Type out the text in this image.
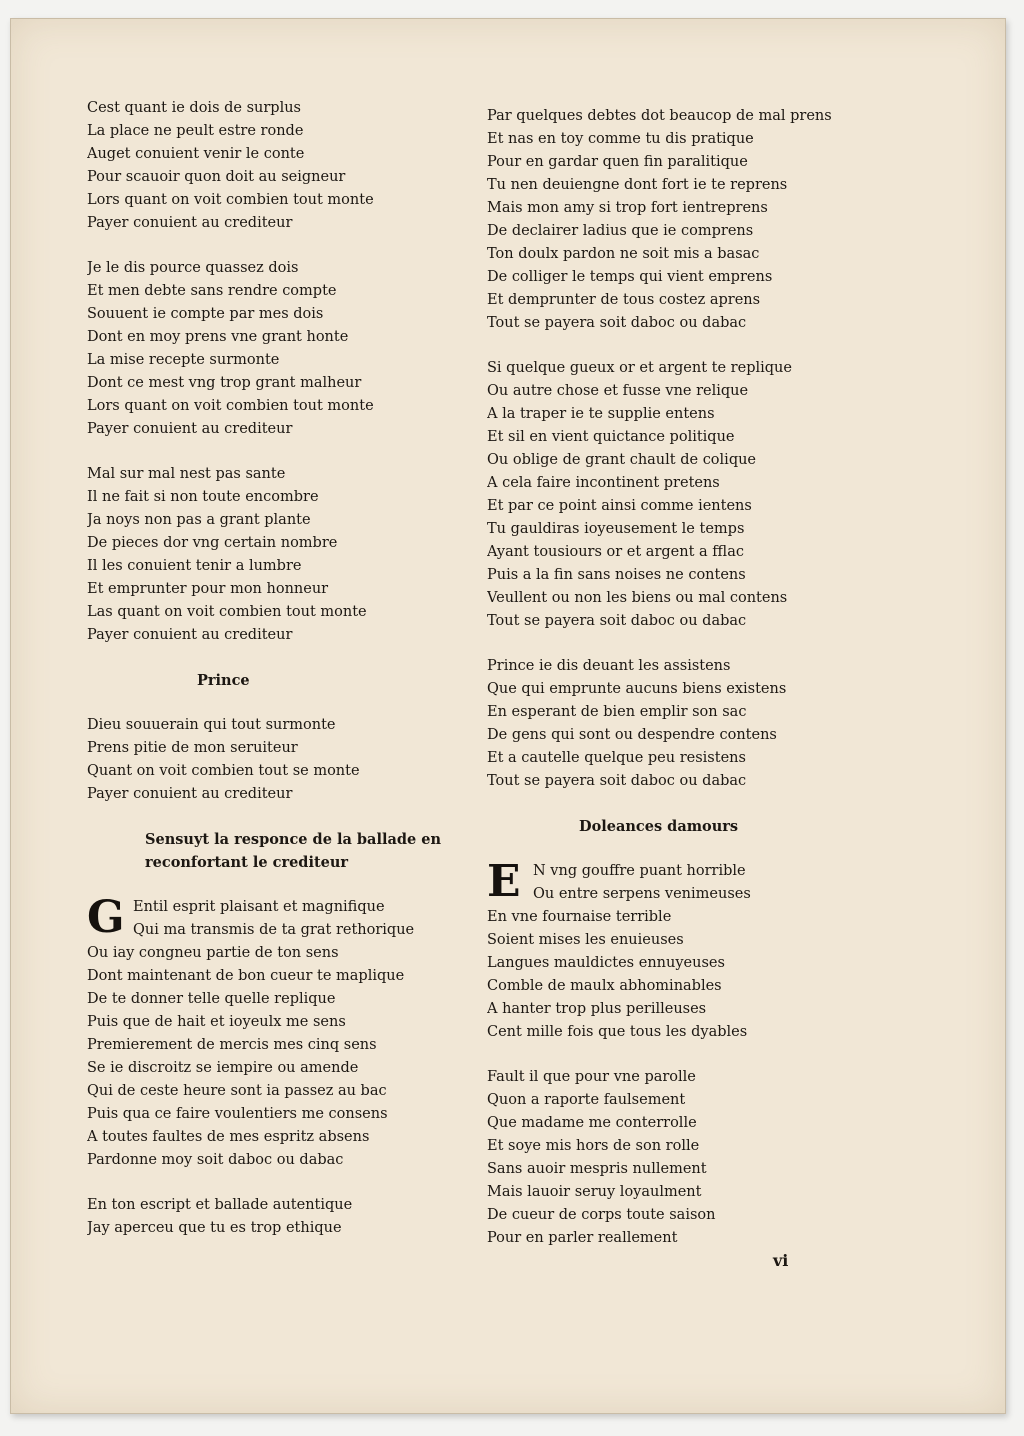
Cest quant ie dois de surplus
La place ne peult estre ronde
Auget conuient venir le conte
Pour scauoir quon doit au seigneur
Lors quant on voit combien tout monte
Payer conuient au crediteur
Je le dis pource quassez dois
Et men debte sans rendre compte
Souuent ie compte par mes dois
Dont en moy prens vne grant honte
La mise recepte surmonte
Dont ce mest vng trop grant malheur
Lors quant on voit combien tout monte
Payer conuient au crediteur
Mal sur mal nest pas sante
Il ne fait si non toute encombre
Ja noys non pas a grant plante
De pieces dor vng certain nombre
Il les conuient tenir a lumbre
Et emprunter pour mon honneur
Las quant on voit combien tout monte
Payer conuient au crediteur
Prince
Dieu souuerain qui tout surmonte
Prens pitie de mon seruiteur
Quant on voit combien tout se monte
Payer conuient au crediteur
Sensuyt la responce de la ballade en
reconfortant le crediteur
G Entil esprit plaisant et magnifique
Qui ma transmis de ta grat rethorique
Ou iay congneu partie de ton sens
Dont maintenant de bon cueur te maplique
De te donner telle quelle replique
Puis que de hait et ioyeulx me sens
Premierement de mercis mes cinq sens
Se ie discroitz se iempire ou amende
Qui de ceste heure sont ia passez au bac
Puis qua ce faire voulentiers me consens
A toutes faultes de mes espritz absens
Pardonne moy soit daboc ou dabac
En ton escript et ballade autentique
Jay aperceu que tu es trop ethique
Par quelques debtes dot beaucop de mal prens
Et nas en toy comme tu dis pratique
Pour en gardar quen fin paralitique
Tu nen deuiengne dont fort ie te reprens
Mais mon amy si trop fort ientreprens
De declairer ladius que ie comprens
Ton doulx pardon ne soit mis a basac
De colliger le temps qui vient emprens
Et demprunter de tous costez aprens
Tout se payera soit daboc ou dabac
Si quelque gueux or et argent te replique
Ou autre chose et fusse vne relique
A la traper ie te supplie entens
Et sil en vient quictance politique
Ou oblige de grant chault de colique
A cela faire incontinent pretens
Et par ce point ainsi comme ientens
Tu gauldiras ioyeusement le temps
Ayant tousiours or et argent a fflac
Puis a la fin sans noises ne contens
Veullent ou non les biens ou mal contens
Tout se payera soit daboc ou dabac
Prince ie dis deuant les assistens
Que qui emprunte aucuns biens existens
En esperant de bien emplir son sac
De gens qui sont ou despendre contens
Et a cautelle quelque peu resistens
Tout se payera soit daboc ou dabac
Doleances damours
E N vng gouffre puant horrible
Ou entre serpens venimeuses
En vne fournaise terrible
Soient mises les enuieuses
Langues mauldictes ennuyeuses
Comble de maulx abhominables
A hanter trop plus perilleuses
Cent mille fois que tous les dyables
Fault il que pour vne parolle
Quon a raporte faulsement
Que madame me conterrolle
Et soye mis hors de son rolle
Sans auoir mespris nullement
Mais lauoir seruy loyaulment
De cueur de corps toute saison
Pour en parler reallement
vi
